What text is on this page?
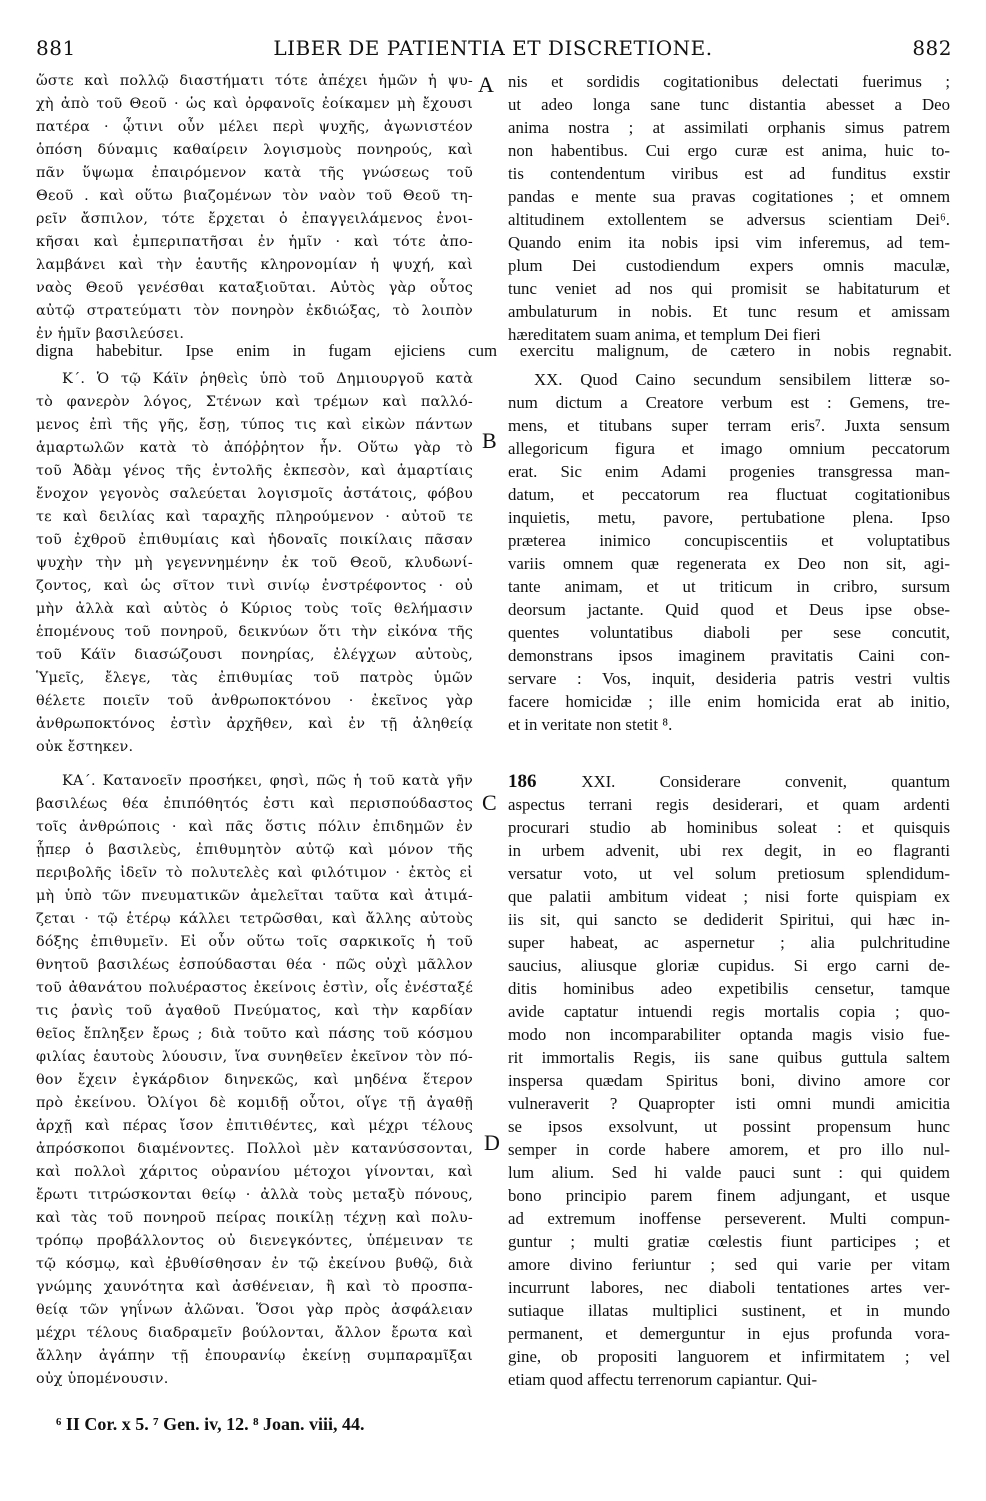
881	LIBER DE PATIENTIA ET DISCRETIONE.	882
ὥστε καὶ πολλῷ διαστήματι τότε ἀπέχει ἡμῶν ἡ ψυ-
χὴ ἀπὸ τοῦ Θεοῦ · ὡς καὶ ὀρφανοῖς ἐοίκαμεν μὴ ἔχουσι
πατέρα · ᾧτινι οὖν μέλει περὶ ψυχῆς, ἀγωνιστέον
ὁπόση δύναμις καθαίρειν λογισμοὺς πονηρούς, καὶ
πᾶν ὕψωμα ἐπαιρόμενον κατὰ τῆς γνώσεως τοῦ
Θεοῦ . καὶ οὕτω βιαζομένων τὸν ναὸν τοῦ Θεοῦ τη-
ρεῖν ἄσπιλον, τότε ἔρχεται ὁ ἐπαγγειλάμενος ἐνοι-
κῆσαι καὶ ἐμπεριπατῆσαι ἐν ἡμῖν · καὶ τότε ἀπο-
λαμβάνει καὶ τὴν ἑαυτῆς κληρονομίαν ἡ ψυχή, καὶ
ναὸς Θεοῦ γενέσθαι καταξιοῦται. Αὐτὸς γὰρ οὗτος
αὐτῷ στρατεύματι τὸν πονηρὸν ἐκδιώξας, τὸ λοιπὸν
ἐν ἡμῖν βασιλεύσει.
A nis et sordidis cogitationibus delectati fuerimus ;
ut adeo longa sane tunc distantia abesset a Deo
anima nostra ; at assimilati orphanis simus patrem
non habentibus. Cui ergo curæ est anima, huic to-
tis contendentum viribus est ad funditus exstir
pandas e mente sua pravas cogitationes ; et omnem
altitudinem extollentem se adversus scientiam Dei⁶.
Quando enim ita nobis ipsi vim inferemus, ad tem-
plum Dei custodiendum expers omnis maculæ,
tunc veniet ad nos qui promisit se habitaturum et
ambulaturum in nobis. Et tunc resum et amissam
hæreditatem suam anima, et templum Dei fieri
digna habebitur. Ipse enim in fugam ejiciens cum exercitu malignum, de cætero in nobis regnabit.
Κ΄. Ὁ τῷ Κάϊν ῥηθεὶς ὑπὸ τοῦ Δημιουργοῦ κατὰ
τὸ φανερὸν λόγος, Στένων καὶ τρέμων καὶ παλλό-
μενος ἐπὶ τῆς γῆς, ἔσῃ, τύπος τις καὶ εἰκὼν πάντων
ἁμαρτωλῶν κατὰ τὸ ἀπόῤῥητον ἦν. Οὕτω γὰρ τὸ
τοῦ Ἀδὰμ γένος τῆς ἐντολῆς ἐκπεσὸν, καὶ ἁμαρτίαις
ἔνοχον γεγονὸς σαλεύεται λογισμοῖς ἀστάτοις, φόβου
τε καὶ δειλίας καὶ ταραχῆς πληρούμενον · αὐτοῦ τε
τοῦ ἐχθροῦ ἐπιθυμίαις καὶ ἡδοναῖς ποικίλαις πᾶσαν
ψυχὴν τὴν μὴ γεγεννημένην ἐκ τοῦ Θεοῦ, κλυδωνί-
ζοντος, καὶ ὡς σῖτον τινὶ σινίῳ ἐνστρέφοντος · οὐ
μὴν ἀλλὰ καὶ αὐτὸς ὁ Κύριος τοὺς τοῖς θελήμασιν
ἑπομένους τοῦ πονηροῦ, δεικνύων ὅτι τὴν εἰκόνα τῆς
τοῦ Κάϊν διασώζουσι πονηρίας, ἐλέγχων αὐτοὺς,
Ὑμεῖς, ἔλεγε, τὰς ἐπιθυμίας τοῦ πατρὸς ὑμῶν
θέλετε ποιεῖν τοῦ ἀνθρωποκτόνου · ἐκεῖνος γὰρ
ἀνθρωποκτόνος ἐστὶν ἀρχῆθεν, καὶ ἐν τῇ ἀληθείᾳ
οὐκ ἔστηκεν.
B
XX. Quod Caino secundum sensibilem litteræ so-
num dictum a Creatore verbum est : Gemens, tre-
mens, et titubans super terram eris⁷. Juxta sensum
allegoricum figura et imago omnium peccatorum
erat. Sic enim Adami progenies transgressa man-
datum, et peccatorum rea fluctuat cogitationibus
inquietis, metu, pavore, pertubatione plena. Ipso
præterea inimico concupiscentiis et voluptatibus
variis omnem quæ regenerata ex Deo non sit, agi-
tante animam, et ut triticum in cribro, sursum
deorsum jactante. Quid quod et Deus ipse obse-
quentes voluntatibus diaboli per sese concutit,
demonstrans ipsos imaginem pravitatis Caini con-
servare : Vos, inquit, desideria patris vestri vultis
facere homicidæ ; ille enim homicida erat ab initio,
et in veritate non stetit ⁸.
ΚΑ΄. Κατανοεῖν προσήκει, φησὶ, πῶς ἡ τοῦ κατὰ γῆν
βασιλέως θέα ἐπιπόθητός ἐστι καὶ περισπούδαστος
τοῖς ἀνθρώποις · καὶ πᾶς ὅστις πόλιν ἐπιδημῶν ἐν
ᾗπερ ὁ βασιλεὺς, ἐπιθυμητὸν αὐτῷ καὶ μόνον τῆς
περιβολῆς ἰδεῖν τὸ πολυτελὲς καὶ φιλότιμον · ἐκτὸς εἰ
μὴ ὑπὸ τῶν πνευματικῶν ἀμελεῖται ταῦτα καὶ ἀτιμά-
ζεται · τῷ ἑτέρῳ κάλλει τετρῶσθαι, καὶ ἄλλης αὐτοὺς
δόξης ἐπιθυμεῖν. Εἰ οὖν οὕτω τοῖς σαρκικοῖς ἡ τοῦ
θνητοῦ βασιλέως ἐσπούδασται θέα · πῶς οὐχὶ μᾶλλον
τοῦ ἀθανάτου πολυέραστος ἐκείνοις ἐστὶν, οἷς ἐνέσταξέ
τις ῥανὶς τοῦ ἀγαθοῦ Πνεύματος, καὶ τὴν καρδίαν
θεῖος ἔπληξεν ἔρως ; διὰ τοῦτο καὶ πάσης τοῦ κόσμου
φιλίας ἑαυτοὺς λύουσιν, ἵνα συνηθεῖεν ἐκεῖνον τὸν πό-
θον ἔχειν ἐγκάρδιον διηνεκῶς, καὶ μηδένα ἕτερον
πρὸ ἐκείνου. Ὀλίγοι δὲ κομιδῇ οὗτοι, οἵγε τῇ ἀγαθῇ
ἀρχῇ καὶ πέρας ἴσον ἐπιτιθέντες, καὶ μέχρι τέλους
ἀπρόσκοποι διαμένοντες. Πολλοὶ μὲν κατανύσσονται,
καὶ πολλοὶ χάριτος οὐρανίου μέτοχοι γίνονται, καὶ
ἔρωτι τιτρώσκονται θείῳ · ἀλλὰ τοὺς μεταξὺ πόνους,
καὶ τὰς τοῦ πονηροῦ πείρας ποικίλῃ τέχνῃ καὶ πολυ-
τρόπῳ προβάλλοντος οὐ διενεγκόντες, ὑπέμειναν τε
τῷ κόσμῳ, καὶ ἐβυθίσθησαν ἐν τῷ ἐκείνου βυθῷ, διὰ
γνώμης χαυνότητα καὶ ἀσθένειαν, ἢ καὶ τὸ προσπα-
θείᾳ τῶν γηΐνων ἀλῶναι. Ὅσοι γὰρ πρὸς ἀσφάλειαν
μέχρι τέλους διαδραμεῖν βούλονται, ἄλλον ἔρωτα καὶ
ἄλλην ἀγάπην τῇ ἐπουρανίῳ ἐκείνῃ συμπαραμῖξαι
οὐχ ὑπομένουσιν.
C
D
186 XXI. Considerare convenit, quantum
aspectus terrani regis desiderari, et quam ardenti
procurari studio ab hominibus soleat : et quisquis
in urbem advenit, ubi rex degit, in eo flagranti
versatur voto, ut vel solum pretiosum splendidum-
que palatii ambitum videat ; nisi forte quispiam ex
iis sit, qui sancto se dediderit Spiritui, qui hæc in-
super habeat, ac aspernetur ; alia pulchritudine
saucius, aliusque gloriæ cupidus. Si ergo carni de-
ditis hominibus adeo expetibilis censetur, tamque
avide captatur intuendi regis mortalis copia ; quo-
modo non incomparabiliter optanda magis visio fue-
rit immortalis Regis, iis sane quibus guttula saltem
inspersa quædam Spiritus boni, divino amore cor
vulneraverit ? Quapropter isti omni mundi amicitia
se ipsos exsolvunt, ut possint propensum hunc
semper in corde habere amorem, et pro illo nul-
lum alium. Sed hi valde pauci sunt : qui quidem
bono principio parem finem adjungant, et usque
ad extremum inoffense perseverent. Multi compun-
guntur ; multi gratiæ cœlestis fiunt participes ; et
amore divino feriuntur ; sed qui varie per vitam
incurrunt labores, nec diaboli tentationes artes ver-
sutiaque illatas multiplici sustinent, et in mundo
permanent, et demerguntur in ejus profunda vora-
gine, ob propositi languorem et infirmitatem ; vel
etiam quod affectu terrenorum capiantur. Qui-
⁶ II Cor. x 5. ⁷ Gen. iv, 12. ⁸ Joan. viii, 44.
